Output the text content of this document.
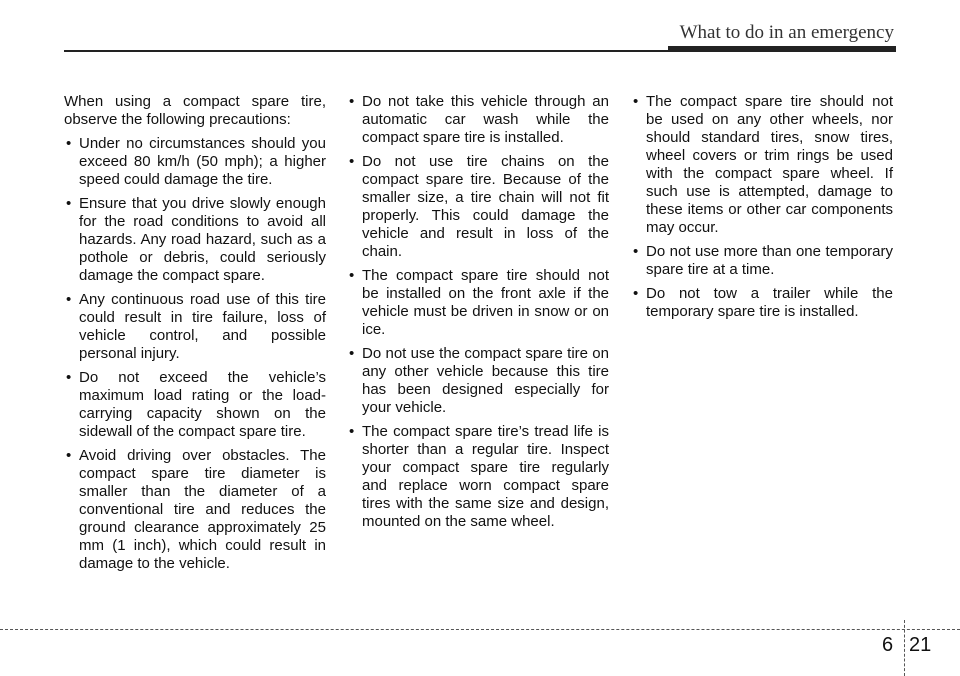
What to do in an emergency

When using a compact spare tire, observe the following precautions:

• Under no circumstances should you exceed 80 km/h (50 mph); a higher speed could damage the tire.
• Ensure that you drive slowly enough for the road conditions to avoid all hazards. Any road hazard, such as a pothole or debris, could seriously damage the compact spare.
• Any continuous road use of this tire could result in tire failure, loss of vehicle control, and possible personal injury.
• Do not exceed the vehicle’s maximum load rating or the load-carrying capacity shown on the sidewall of the compact spare tire.
• Avoid driving over obstacles. The compact spare tire diameter is smaller than the diameter of a conventional tire and reduces the ground clearance approximately 25 mm (1 inch), which could result in damage to the vehicle.
• Do not take this vehicle through an automatic car wash while the compact spare tire is installed.
• Do not use tire chains on the compact spare tire. Because of the smaller size, a tire chain will not fit properly. This could damage the vehicle and result in loss of the chain.
• The compact spare tire should not be installed on the front axle if the vehicle must be driven in snow or on ice.
• Do not use the compact spare tire on any other vehicle because this tire has been designed especially for your vehicle.
• The compact spare tire’s tread life is shorter than a regular tire. Inspect your compact spare tire regularly and replace worn compact spare tires with the same size and design, mounted on the same wheel.
• The compact spare tire should not be used on any other wheels, nor should standard tires, snow tires, wheel covers or trim rings be used with the compact spare wheel. If such use is attempted, damage to these items or other car components may occur.
• Do not use more than one temporary spare tire at a time.
• Do not tow a trailer while the temporary spare tire is installed.
6 21
